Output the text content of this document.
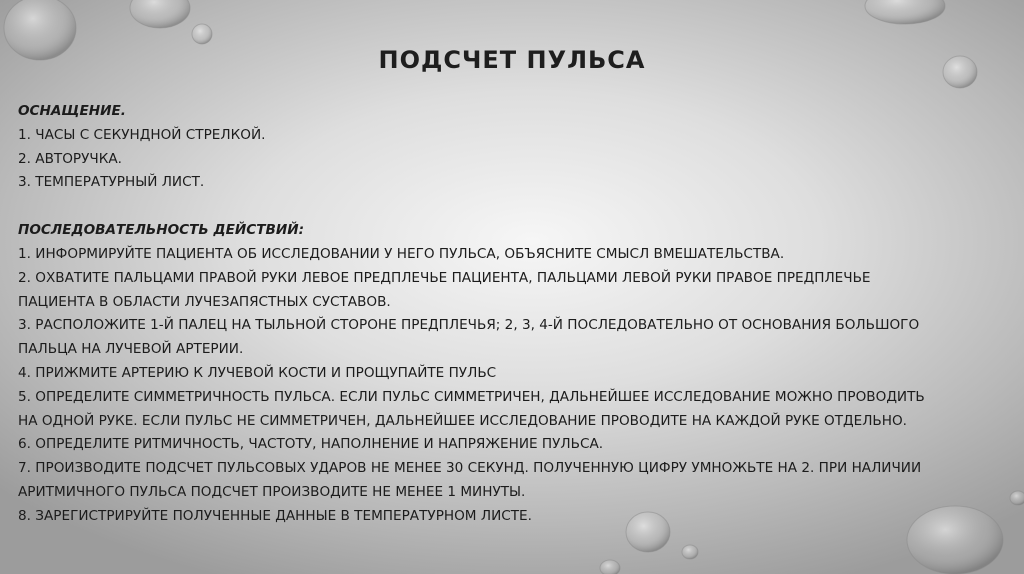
ПОДСЧЕТ ПУЛЬСА

ОСНАЩЕНИЕ.

1. ЧАСЫ С СЕКУНДНОЙ СТРЕЛКОЙ.

2. АВТОРУЧКА.

3. ТЕМПЕРАТУРНЫЙ ЛИСТ.

ПОСЛЕДОВАТЕЛЬНОСТЬ ДЕЙСТВИЙ:

1. ИНФОРМИРУЙТЕ ПАЦИЕНТА ОБ ИССЛЕДОВАНИИ У НЕГО ПУЛЬСА, ОБЪЯСНИТЕ СМЫСЛ ВМЕШАТЕЛЬСТВА.

2. ОХВАТИТЕ ПАЛЬЦАМИ ПРАВОЙ РУКИ ЛЕВОЕ ПРЕДПЛЕЧЬЕ ПАЦИЕНТА, ПАЛЬЦАМИ ЛЕВОЙ РУКИ ПРАВОЕ ПРЕДПЛЕЧЬЕ

ПАЦИЕНТА В ОБЛАСТИ ЛУЧЕЗАПЯСТНЫХ СУСТАВОВ.

3. РАСПОЛОЖИТЕ 1-Й ПАЛЕЦ НА ТЫЛЬНОЙ СТОРОНЕ ПРЕДПЛЕЧЬЯ; 2, 3, 4-Й ПОСЛЕДОВАТЕЛЬНО ОТ ОСНОВАНИЯ БОЛЬШОГО

ПАЛЬЦА НА ЛУЧЕВОЙ АРТЕРИИ.

4. ПРИЖМИТЕ АРТЕРИЮ К ЛУЧЕВОЙ КОСТИ И ПРОЩУПАЙТЕ ПУЛЬС

5. ОПРЕДЕЛИТЕ СИММЕТРИЧНОСТЬ ПУЛЬСА. ЕСЛИ ПУЛЬС СИММЕТРИЧЕН, ДАЛЬНЕЙШЕЕ ИССЛЕДОВАНИЕ МОЖНО ПРОВОДИТЬ

НА ОДНОЙ РУКЕ. ЕСЛИ ПУЛЬС НЕ СИММЕТРИЧЕН, ДАЛЬНЕЙШЕЕ ИССЛЕДОВАНИЕ ПРОВОДИТЕ НА КАЖДОЙ РУКЕ ОТДЕЛЬНО.

6. ОПРЕДЕЛИТЕ РИТМИЧНОСТЬ, ЧАСТОТУ, НАПОЛНЕНИЕ И НАПРЯЖЕНИЕ ПУЛЬСА.

7. ПРОИЗВОДИТЕ ПОДСЧЕТ ПУЛЬСОВЫХ УДАРОВ НЕ МЕНЕЕ 30 СЕКУНД. ПОЛУЧЕННУЮ ЦИФРУ УМНОЖЬТЕ НА 2. ПРИ НАЛИЧИИ

АРИТМИЧНОГО ПУЛЬСА ПОДСЧЕТ ПРОИЗВОДИТЕ НЕ МЕНЕЕ 1 МИНУТЫ.

8. ЗАРЕГИСТРИРУЙТЕ ПОЛУЧЕННЫЕ ДАННЫЕ В ТЕМПЕРАТУРНОМ ЛИСТЕ.
